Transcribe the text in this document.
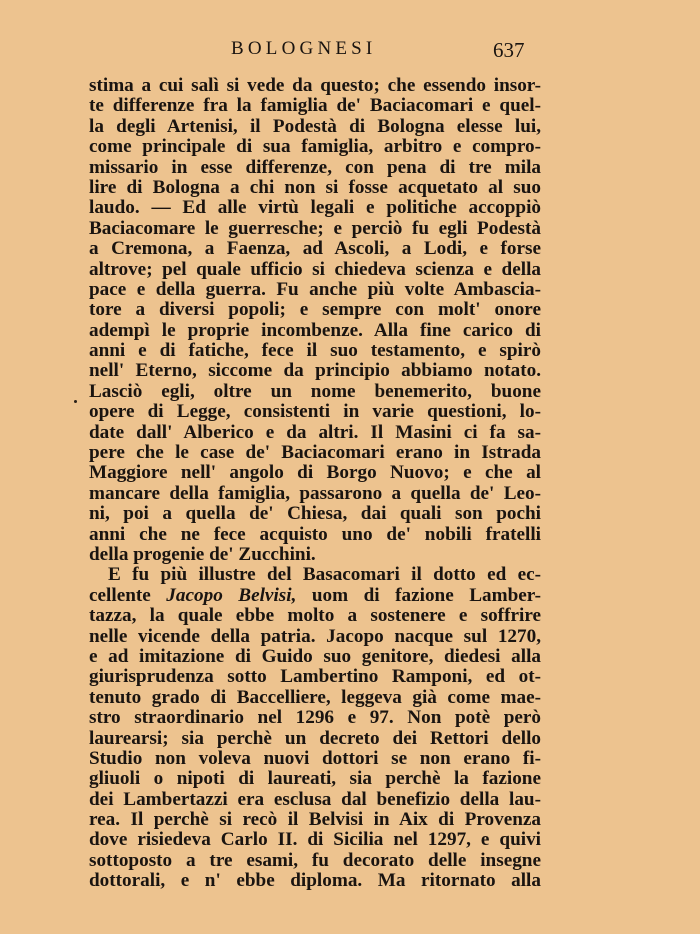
BOLOGNESI	637
stima a cui salì si vede da questo; che essendo insor-
te differenze fra la famiglia de' Baciacomari e quel-
la degli Artenisi, il Podestà di Bologna elesse lui,
come principale di sua famiglia, arbitro e compro-
missario in esse differenze, con pena di tre mila
lire di Bologna a chi non si fosse acquetato al suo
laudo. — Ed alle virtù legali e politiche accoppiò
Baciacomare le guerresche; e perciò fu egli Podestà
a Cremona, a Faenza, ad Ascoli, a Lodi, e forse
altrove; pel quale ufficio si chiedeva scienza e della
pace e della guerra. Fu anche più volte Ambascia-
tore a diversi popoli; e sempre con molt' onore
adempì le proprie incombenze. Alla fine carico di
anni e di fatiche, fece il suo testamento, e spirò
nell' Eterno, siccome da principio abbiamo notato.
Lasciò egli, oltre un nome benemerito, buone
opere di Legge, consistenti in varie questioni, lo-
date dall' Alberico e da altri. Il Masini ci fa sa-
pere che le case de' Baciacomari erano in Istrada
Maggiore nell' angolo di Borgo Nuovo; e che al
mancare della famiglia, passarono a quella de' Leo-
ni, poi a quella de' Chiesa, dai quali son pochi
anni che ne fece acquisto uno de' nobili fratelli
della progenie de' Zucchini.
E fu più illustre del Basacomari il dotto ed ec-
cellente Jacopo Belvisi, uom di fazione Lamber-
tazza, la quale ebbe molto a sostenere e soffrire
nelle vicende della patria. Jacopo nacque sul 1270,
e ad imitazione di Guido suo genitore, diedesi alla
giurisprudenza sotto Lambertino Ramponi, ed ot-
tenuto grado di Baccelliere, leggeva già come mae-
stro straordinario nel 1296 e 97. Non potè però
laurearsi; sia perchè un decreto dei Rettori dello
Studio non voleva nuovi dottori se non erano fi-
gliuoli o nipoti di laureati, sia perchè la fazione
dei Lambertazzi era esclusa dal benefizio della lau-
rea. Il perchè si recò il Belvisi in Aix di Provenza
dove risiedeva Carlo II. di Sicilia nel 1297, e quivi
sottoposto a tre esami, fu decorato delle insegne
dottorali, e n' ebbe diploma. Ma ritornato alla
